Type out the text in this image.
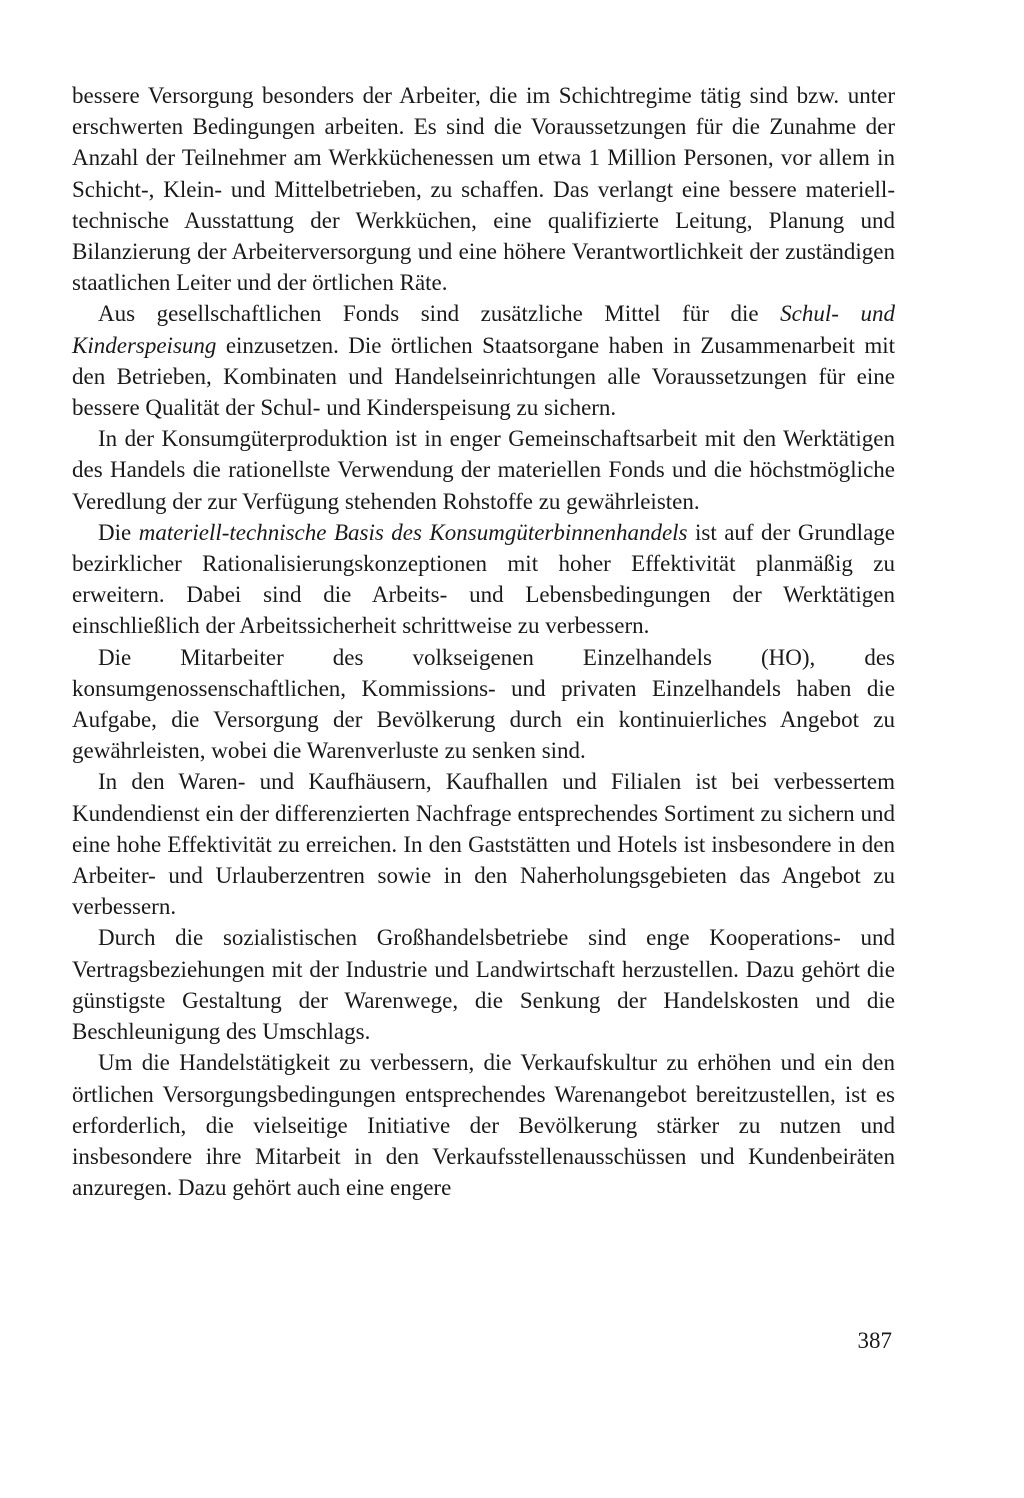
bessere Versorgung besonders der Arbeiter, die im Schichtregime tätig sind bzw. unter erschwerten Bedingungen arbeiten. Es sind die Voraussetzungen für die Zunahme der Anzahl der Teilnehmer am Werkküchenessen um etwa 1 Million Personen, vor allem in Schicht-, Klein- und Mittelbetrieben, zu schaffen. Das verlangt eine bessere materiell-technische Ausstattung der Werkküchen, eine qualifizierte Leitung, Planung und Bilanzierung der Arbeiterversorgung und eine höhere Verantwortlichkeit der zuständigen staatlichen Leiter und der örtlichen Räte.

Aus gesellschaftlichen Fonds sind zusätzliche Mittel für die Schul- und Kinderspeisung einzusetzen. Die örtlichen Staatsorgane haben in Zusammenarbeit mit den Betrieben, Kombinaten und Handelseinrichtungen alle Voraussetzungen für eine bessere Qualität der Schul- und Kinderspeisung zu sichern.

In der Konsumgüterproduktion ist in enger Gemeinschaftsarbeit mit den Werktätigen des Handels die rationellste Verwendung der materiellen Fonds und die höchstmögliche Veredlung der zur Verfügung stehenden Rohstoffe zu gewährleisten.

Die materiell-technische Basis des Konsumgüterbinnenhandels ist auf der Grundlage bezirklicher Rationalisierungskonzeptionen mit hoher Effektivität planmäßig zu erweitern. Dabei sind die Arbeits- und Lebensbedingungen der Werktätigen einschließlich der Arbeitssicherheit schrittweise zu verbessern.

Die Mitarbeiter des volkseigenen Einzelhandels (HO), des konsumgenossenschaftlichen, Kommissions- und privaten Einzelhandels haben die Aufgabe, die Versorgung der Bevölkerung durch ein kontinuierliches Angebot zu gewährleisten, wobei die Warenverluste zu senken sind.

In den Waren- und Kaufhäusern, Kaufhallen und Filialen ist bei verbessertem Kundendienst ein der differenzierten Nachfrage entsprechendes Sortiment zu sichern und eine hohe Effektivität zu erreichen. In den Gaststätten und Hotels ist insbesondere in den Arbeiter- und Urlauberzentren sowie in den Naherholungsgebieten das Angebot zu verbessern.

Durch die sozialistischen Großhandelsbetriebe sind enge Kooperations- und Vertragsbeziehungen mit der Industrie und Landwirtschaft herzustellen. Dazu gehört die günstigste Gestaltung der Warenwege, die Senkung der Handelskosten und die Beschleunigung des Umschlags.

Um die Handelstätigkeit zu verbessern, die Verkaufskultur zu erhöhen und ein den örtlichen Versorgungsbedingungen entsprechendes Warenangebot bereitzustellen, ist es erforderlich, die vielseitige Initiative der Bevölkerung stärker zu nutzen und insbesondere ihre Mitarbeit in den Verkaufsstellenausschüssen und Kundenbeiräten anzuregen. Dazu gehört auch eine engere

387
